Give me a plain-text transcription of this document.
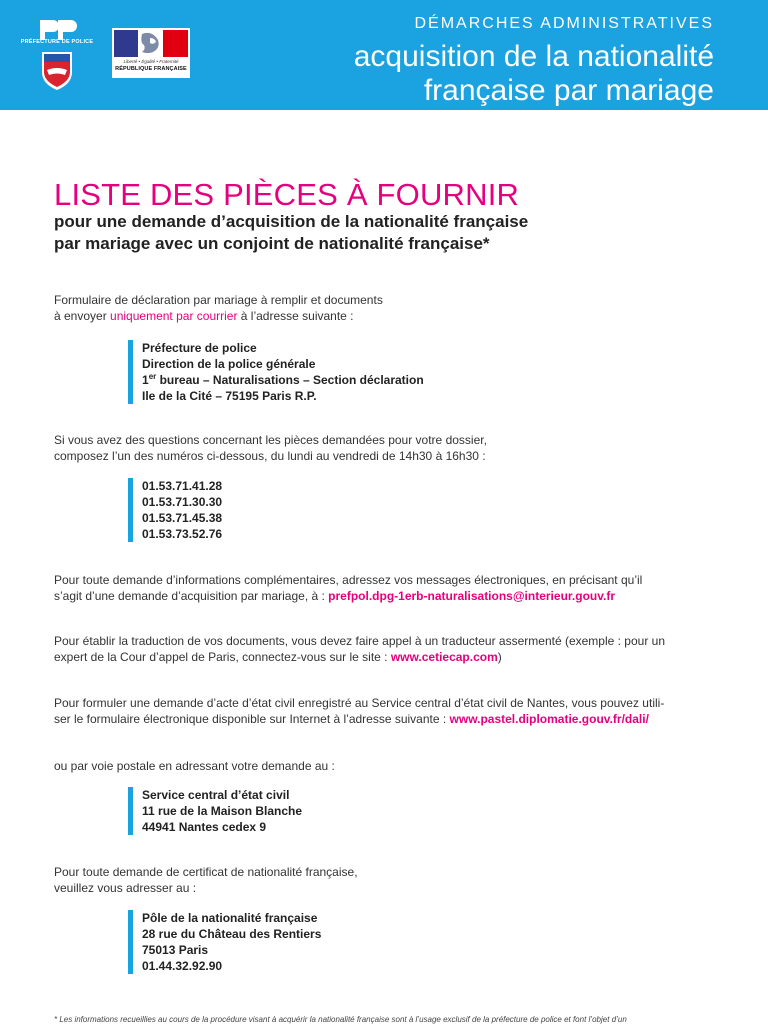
PRÉFECTURE DE POLICE
Liberté • Égalité • Fraternité
RÉPUBLIQUE FRANÇAISE
DÉMARCHES ADMINISTRATIVES
acquisition de la nationalité
française par mariage
LISTE DES PIÈCES À FOURNIR
pour une demande d’acquisition de la nationalité française
par mariage avec un conjoint de nationalité française*
Formulaire de déclaration par mariage à remplir et documents
à envoyer uniquement par courrier à l’adresse suivante :
Préfecture de police
Direction de la police générale
1er bureau – Naturalisations – Section déclaration
Ile de la Cité – 75195 Paris R.P.
Si vous avez des questions concernant les pièces demandées pour votre dossier,
composez l’un des numéros ci-dessous, du lundi au vendredi de 14h30 à 16h30 :
01.53.71.41.28
01.53.71.30.30
01.53.71.45.38
01.53.73.52.76
Pour toute demande d’informations complémentaires, adressez vos messages électroniques, en précisant qu’il
s’agit d’une demande d’acquisition par mariage, à : prefpol.dpg-1erb-naturalisations@interieur.gouv.fr
Pour établir la traduction de vos documents, vous devez faire appel à un traducteur assermenté (exemple : pour un
expert de la Cour d’appel de Paris, connectez-vous sur le site : www.cetiecap.com)
Pour formuler une demande d’acte d’état civil enregistré au Service central d’état civil de Nantes, vous pouvez utili-
ser le formulaire électronique disponible sur Internet à l’adresse suivante : www.pastel.diplomatie.gouv.fr/dali/
ou par voie postale en adressant votre demande au :
Service central d’état civil
11 rue de la Maison Blanche
44941 Nantes cedex 9
Pour toute demande de certificat de nationalité française,
veuillez vous adresser au :
Pôle de la nationalité française
28 rue du Château des Rentiers
75013 Paris
01.44.32.92.90
* Les informations recueillies au cours de la procédure visant à acquérir la nationalité française sont à l’usage exclusif de la préfecture de police et font l’objet d’un
